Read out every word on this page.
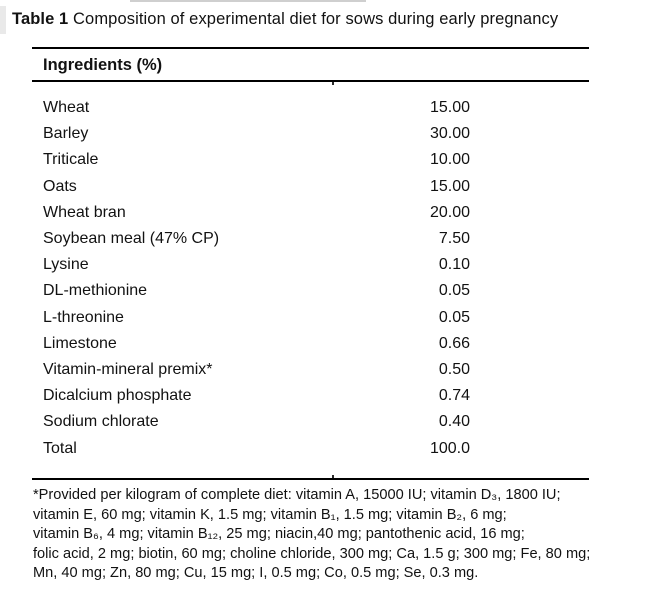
Table 1 Composition of experimental diet for sows during early pregnancy
Ingredients (%)
Wheat	15.00
Barley	30.00
Triticale	10.00
Oats	15.00
Wheat bran	20.00
Soybean meal (47% CP)	7.50
Lysine	0.10
DL-methionine	0.05
L-threonine	0.05
Limestone	0.66
Vitamin-mineral premix*	0.50
Dicalcium phosphate	0.74
Sodium chlorate	0.40
Total	100.0
*Provided per kilogram of complete diet: vitamin A, 15000 IU; vitamin D₃, 1800 IU;
vitamin E, 60 mg; vitamin K, 1.5 mg; vitamin B₁, 1.5 mg; vitamin B₂, 6 mg;
vitamin B₆, 4 mg; vitamin B₁₂, 25 mg; niacin,40 mg; pantothenic acid, 16 mg;
folic acid, 2 mg; biotin, 60 mg; choline chloride, 300 mg; Ca, 1.5 g; 300 mg; Fe, 80 mg;
Mn, 40 mg; Zn, 80 mg; Cu, 15 mg; I, 0.5 mg; Co, 0.5 mg; Se, 0.3 mg.
